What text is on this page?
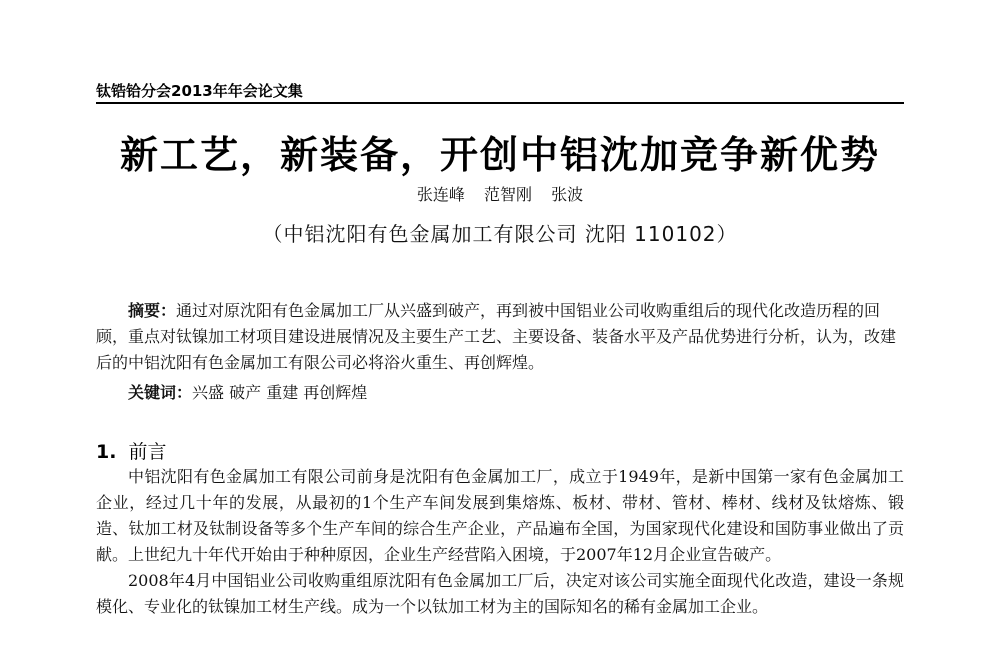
钛锆铪分会2013年年会论文集
新工艺，新装备，开创中铝沈加竞争新优势
张连峰 范智刚 张波
（中铝沈阳有色金属加工有限公司 沈阳 110102）
摘要：通过对原沈阳有色金属加工厂从兴盛到破产，再到被中国铝业公司收购重组后的现代化改造历程的回顾，重点对钛镍加工材项目建设进展情况及主要生产工艺、主要设备、装备水平及产品优势进行分析，认为，改建后的中铝沈阳有色金属加工有限公司必将浴火重生、再创辉煌。
关键词：兴盛 破产 重建 再创辉煌
1. 前言

中铝沈阳有色金属加工有限公司前身是沈阳有色金属加工厂，成立于1949年，是新中国第一家有色金属加工企业，经过几十年的发展，从最初的1个生产车间发展到集熔炼、板材、带材、管材、棒材、线材及钛熔炼、锻造、钛加工材及钛制设备等多个生产车间的综合生产企业，产品遍布全国，为国家现代化建设和国防事业做出了贡献。上世纪九十年代开始由于种种原因，企业生产经营陷入困境，于2007年12月企业宣告破产。

2008年4月中国铝业公司收购重组原沈阳有色金属加工厂后，决定对该公司实施全面现代化改造，建设一条规模化、专业化的钛镍加工材生产线。成为一个以钛加工材为主的国际知名的稀有金属加工企业。
